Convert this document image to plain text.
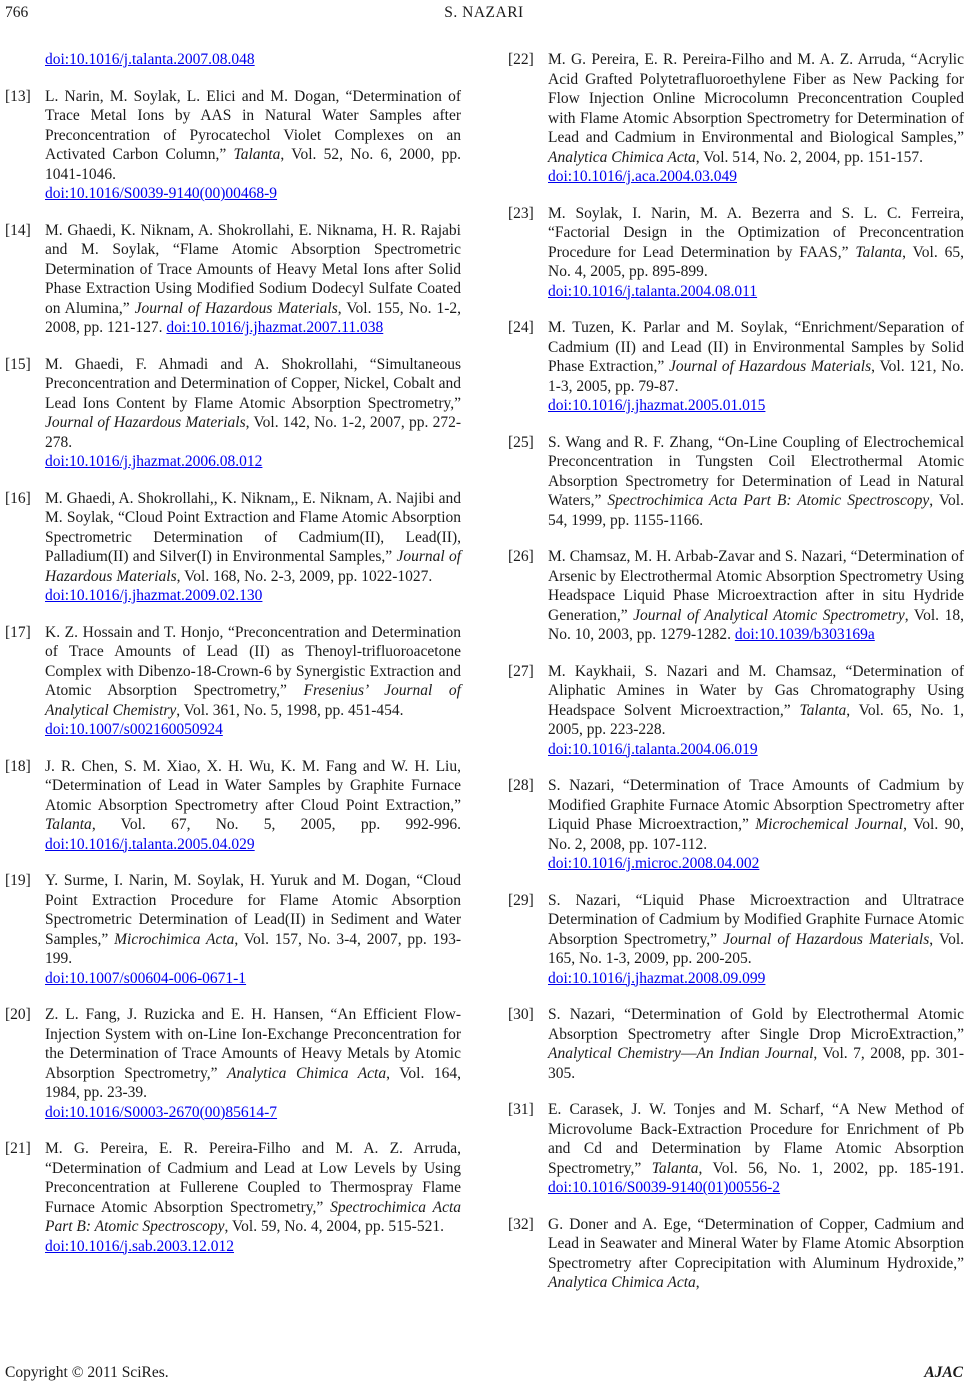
766	S. NAZARI
doi:10.1016/j.talanta.2007.08.048
[13] L. Narin, M. Soylak, L. Elici and M. Dogan, “Determination of Trace Metal Ions by AAS in Natural Water Samples after Preconcentration of Pyrocatechol Violet Complexes on an Activated Carbon Column,” Talanta, Vol. 52, No. 6, 2000, pp. 1041-1046.
doi:10.1016/S0039-9140(00)00468-9
[14] M. Ghaedi, K. Niknam, A. Shokrollahi, E. Niknama, H. R. Rajabi and M. Soylak, “Flame Atomic Absorption Spectrometric Determination of Trace Amounts of Heavy Metal Ions after Solid Phase Extraction Using Modified Sodium Dodecyl Sulfate Coated on Alumina,” Journal of Hazardous Materials, Vol. 155, No. 1-2, 2008, pp. 121-127. doi:10.1016/j.jhazmat.2007.11.038
[15] M. Ghaedi, F. Ahmadi and A. Shokrollahi, “Simultaneous Preconcentration and Determination of Copper, Nickel, Cobalt and Lead Ions Content by Flame Atomic Absorption Spectrometry,” Journal of Hazardous Materials, Vol. 142, No. 1-2, 2007, pp. 272-278.
doi:10.1016/j.jhazmat.2006.08.012
[16] M. Ghaedi, A. Shokrollahi,, K. Niknam,, E. Niknam, A. Najibi and M. Soylak, “Cloud Point Extraction and Flame Atomic Absorption Spectrometric Determination of Cadmium(II), Lead(II), Palladium(II) and Silver(I) in Environmental Samples,” Journal of Hazardous Materials, Vol. 168, No. 2-3, 2009, pp. 1022-1027.
doi:10.1016/j.jhazmat.2009.02.130
[17] K. Z. Hossain and T. Honjo, “Preconcentration and Determination of Trace Amounts of Lead (II) as Thenoyl-trifluoroacetone Complex with Dibenzo-18-Crown-6 by Synergistic Extraction and Atomic Absorption Spectrometry,” Fresenius’ Journal of Analytical Chemistry, Vol. 361, No. 5, 1998, pp. 451-454.
doi:10.1007/s002160050924
[18] J. R. Chen, S. M. Xiao, X. H. Wu, K. M. Fang and W. H. Liu, “Determination of Lead in Water Samples by Graphite Furnace Atomic Absorption Spectrometry after Cloud Point Extraction,” Talanta, Vol. 67, No. 5, 2005, pp. 992-996. doi:10.1016/j.talanta.2005.04.029
[19] Y. Surme, I. Narin, M. Soylak, H. Yuruk and M. Dogan, “Cloud Point Extraction Procedure for Flame Atomic Absorption Spectrometric Determination of Lead(II) in Sediment and Water Samples,” Microchimica Acta, Vol. 157, No. 3-4, 2007, pp. 193-199.
doi:10.1007/s00604-006-0671-1
[20] Z. L. Fang, J. Ruzicka and E. H. Hansen, “An Efficient Flow-Injection System with on-Line Ion-Exchange Preconcentration for the Determination of Trace Amounts of Heavy Metals by Atomic Absorption Spectrometry,” Analytica Chimica Acta, Vol. 164, 1984, pp. 23-39.
doi:10.1016/S0003-2670(00)85614-7
[21] M. G. Pereira, E. R. Pereira-Filho and M. A. Z. Arruda, “Determination of Cadmium and Lead at Low Levels by Using Preconcentration at Fullerene Coupled to Thermospray Flame Furnace Atomic Absorption Spectrometry,” Spectrochimica Acta Part B: Atomic Spectroscopy, Vol. 59, No. 4, 2004, pp. 515-521.
doi:10.1016/j.sab.2003.12.012
[22] M. G. Pereira, E. R. Pereira-Filho and M. A. Z. Arruda, “Acrylic Acid Grafted Polytetrafluoroethylene Fiber as New Packing for Flow Injection Online Microcolumn Preconcentration Coupled with Flame Atomic Absorption Spectrometry for Determination of Lead and Cadmium in Environmental and Biological Samples,” Analytica Chimica Acta, Vol. 514, No. 2, 2004, pp. 151-157.
doi:10.1016/j.aca.2004.03.049
[23] M. Soylak, I. Narin, M. A. Bezerra and S. L. C. Ferreira, “Factorial Design in the Optimization of Preconcentration Procedure for Lead Determination by FAAS,” Talanta, Vol. 65, No. 4, 2005, pp. 895-899.
doi:10.1016/j.talanta.2004.08.011
[24] M. Tuzen, K. Parlar and M. Soylak, “Enrichment/Separation of Cadmium (II) and Lead (II) in Environmental Samples by Solid Phase Extraction,” Journal of Hazardous Materials, Vol. 121, No. 1-3, 2005, pp. 79-87.
doi:10.1016/j.jhazmat.2005.01.015
[25] S. Wang and R. F. Zhang, “On-Line Coupling of Electrochemical Preconcentration in Tungsten Coil Electrothermal Atomic Absorption Spectrometry for Determination of Lead in Natural Waters,” Spectrochimica Acta Part B: Atomic Spectroscopy, Vol. 54, 1999, pp. 1155-1166.
[26] M. Chamsaz, M. H. Arbab-Zavar and S. Nazari, “Determination of Arsenic by Electrothermal Atomic Absorption Spectrometry Using Headspace Liquid Phase Microextraction after in situ Hydride Generation,” Journal of Analytical Atomic Spectrometry, Vol. 18, No. 10, 2003, pp. 1279-1282. doi:10.1039/b303169a
[27] M. Kaykhaii, S. Nazari and M. Chamsaz, “Determination of Aliphatic Amines in Water by Gas Chromatography Using Headspace Solvent Microextraction,” Talanta, Vol. 65, No. 1, 2005, pp. 223-228.
doi:10.1016/j.talanta.2004.06.019
[28] S. Nazari, “Determination of Trace Amounts of Cadmium by Modified Graphite Furnace Atomic Absorption Spectrometry after Liquid Phase Microextraction,” Microchemical Journal, Vol. 90, No. 2, 2008, pp. 107-112.
doi:10.1016/j.microc.2008.04.002
[29] S. Nazari, “Liquid Phase Microextraction and Ultratrace Determination of Cadmium by Modified Graphite Furnace Atomic Absorption Spectrometry,” Journal of Hazardous Materials, Vol. 165, No. 1-3, 2009, pp. 200-205.
doi:10.1016/j.jhazmat.2008.09.099
[30] S. Nazari, “Determination of Gold by Electrothermal Atomic Absorption Spectrometry after Single Drop MicroExtraction,” Analytical Chemistry―An Indian Journal, Vol. 7, 2008, pp. 301-305.
[31] E. Carasek, J. W. Tonjes and M. Scharf, “A New Method of Microvolume Back-Extraction Procedure for Enrichment of Pb and Cd and Determination by Flame Atomic Absorption Spectrometry,” Talanta, Vol. 56, No. 1, 2002, pp. 185-191. doi:10.1016/S0039-9140(01)00556-2
[32] G. Doner and A. Ege, “Determination of Copper, Cadmium and Lead in Seawater and Mineral Water by Flame Atomic Absorption Spectrometry after Coprecipitation with Aluminum Hydroxide,” Analytica Chimica Acta,
Copyright © 2011 SciRes.	AJAC
